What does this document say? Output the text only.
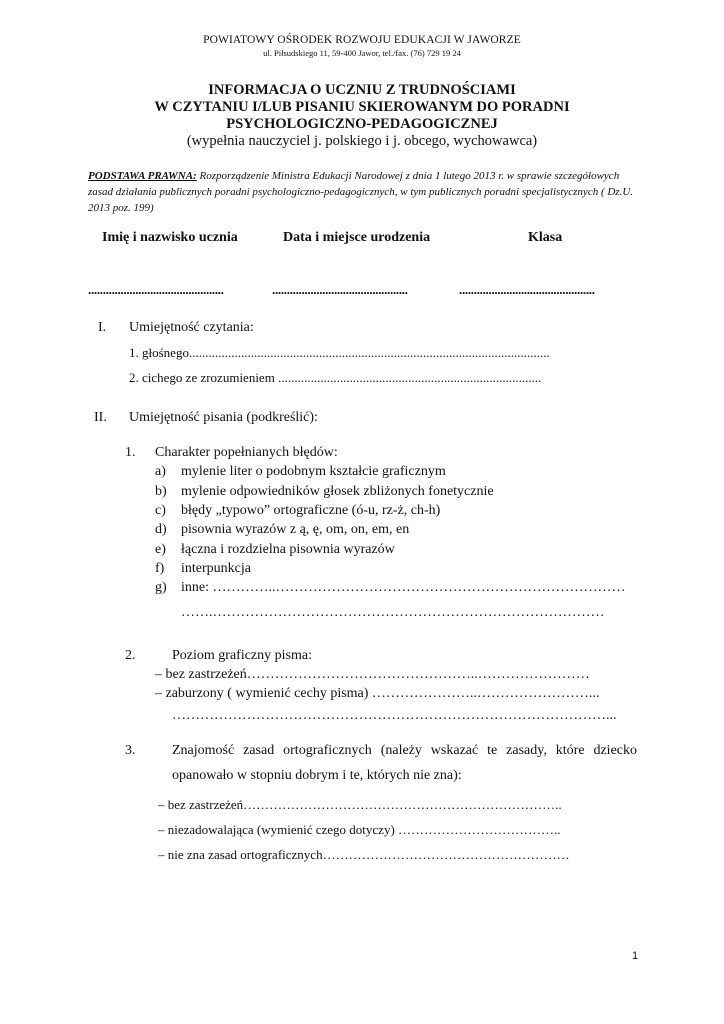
POWIATOWY OŚRODEK ROZWOJU EDUKACJI W JAWORZE
ul. Piłsudskiego 11, 59-400 Jawor, tel./fax. (76) 729 19 24
INFORMACJA O UCZNIU Z TRUDNOŚCIAMI
W CZYTANIU I/LUB PISANIU SKIEROWANYM DO PORADNI
PSYCHOLOGICZNO-PEDAGOGICZNEJ
(wypełnia nauczyciel j. polskiego i j. obcego, wychowawca)
PODSTAWA PRAWNA: Rozporządzenie Ministra Edukacji Narodowej z dnia 1 lutego 2013 r. w sprawie szczegółowych zasad działania publicznych poradni psychologiczno-pedagogicznych, w tym publicznych poradni specjalistycznych ( Dz.U. 2013 poz. 199)
Imię i nazwisko ucznia	Data i miejsce urodzenia	Klasa
..............................................	..............................................	..............................................
I. Umiejętność czytania:
1. głośnego...............................................................................................................
2. cichego ze zrozumieniem .................................................................................
II. Umiejętność pisania (podkreślić):
1. Charakter popełnianych błędów:
a) mylenie liter o podobnym kształcie graficznym
b) mylenie odpowiedników głosek zbliżonych fonetycznie
c) błędy „typowo” ortograficzne (ó-u, rz-ż, ch-h)
d) pisownia wyrazów z ą, ę, om, on, em, en
e) łączna i rozdzielna pisownia wyrazów
f) interpunkcja
g) inne: …………..…………………………………………………………………
…….…………………………………………………………………………
2.	Poziom graficzny pisma:
– bez zastrzeżeń…………………………………………..……………………
– zaburzony ( wymienić cechy pisma) …………………..……………………...
…………………………………………………………………………………...
3.	Znajomość zasad ortograficznych (należy wskazać te zasady, które dziecko
opanowało w stopniu dobrym i te, których nie zna):
– bez zastrzeżeń………………………………………………………………..
– niezadowalająca (wymienić czego dotyczy) ………………………………..
– nie zna zasad ortograficznych…………………………………………………
1
